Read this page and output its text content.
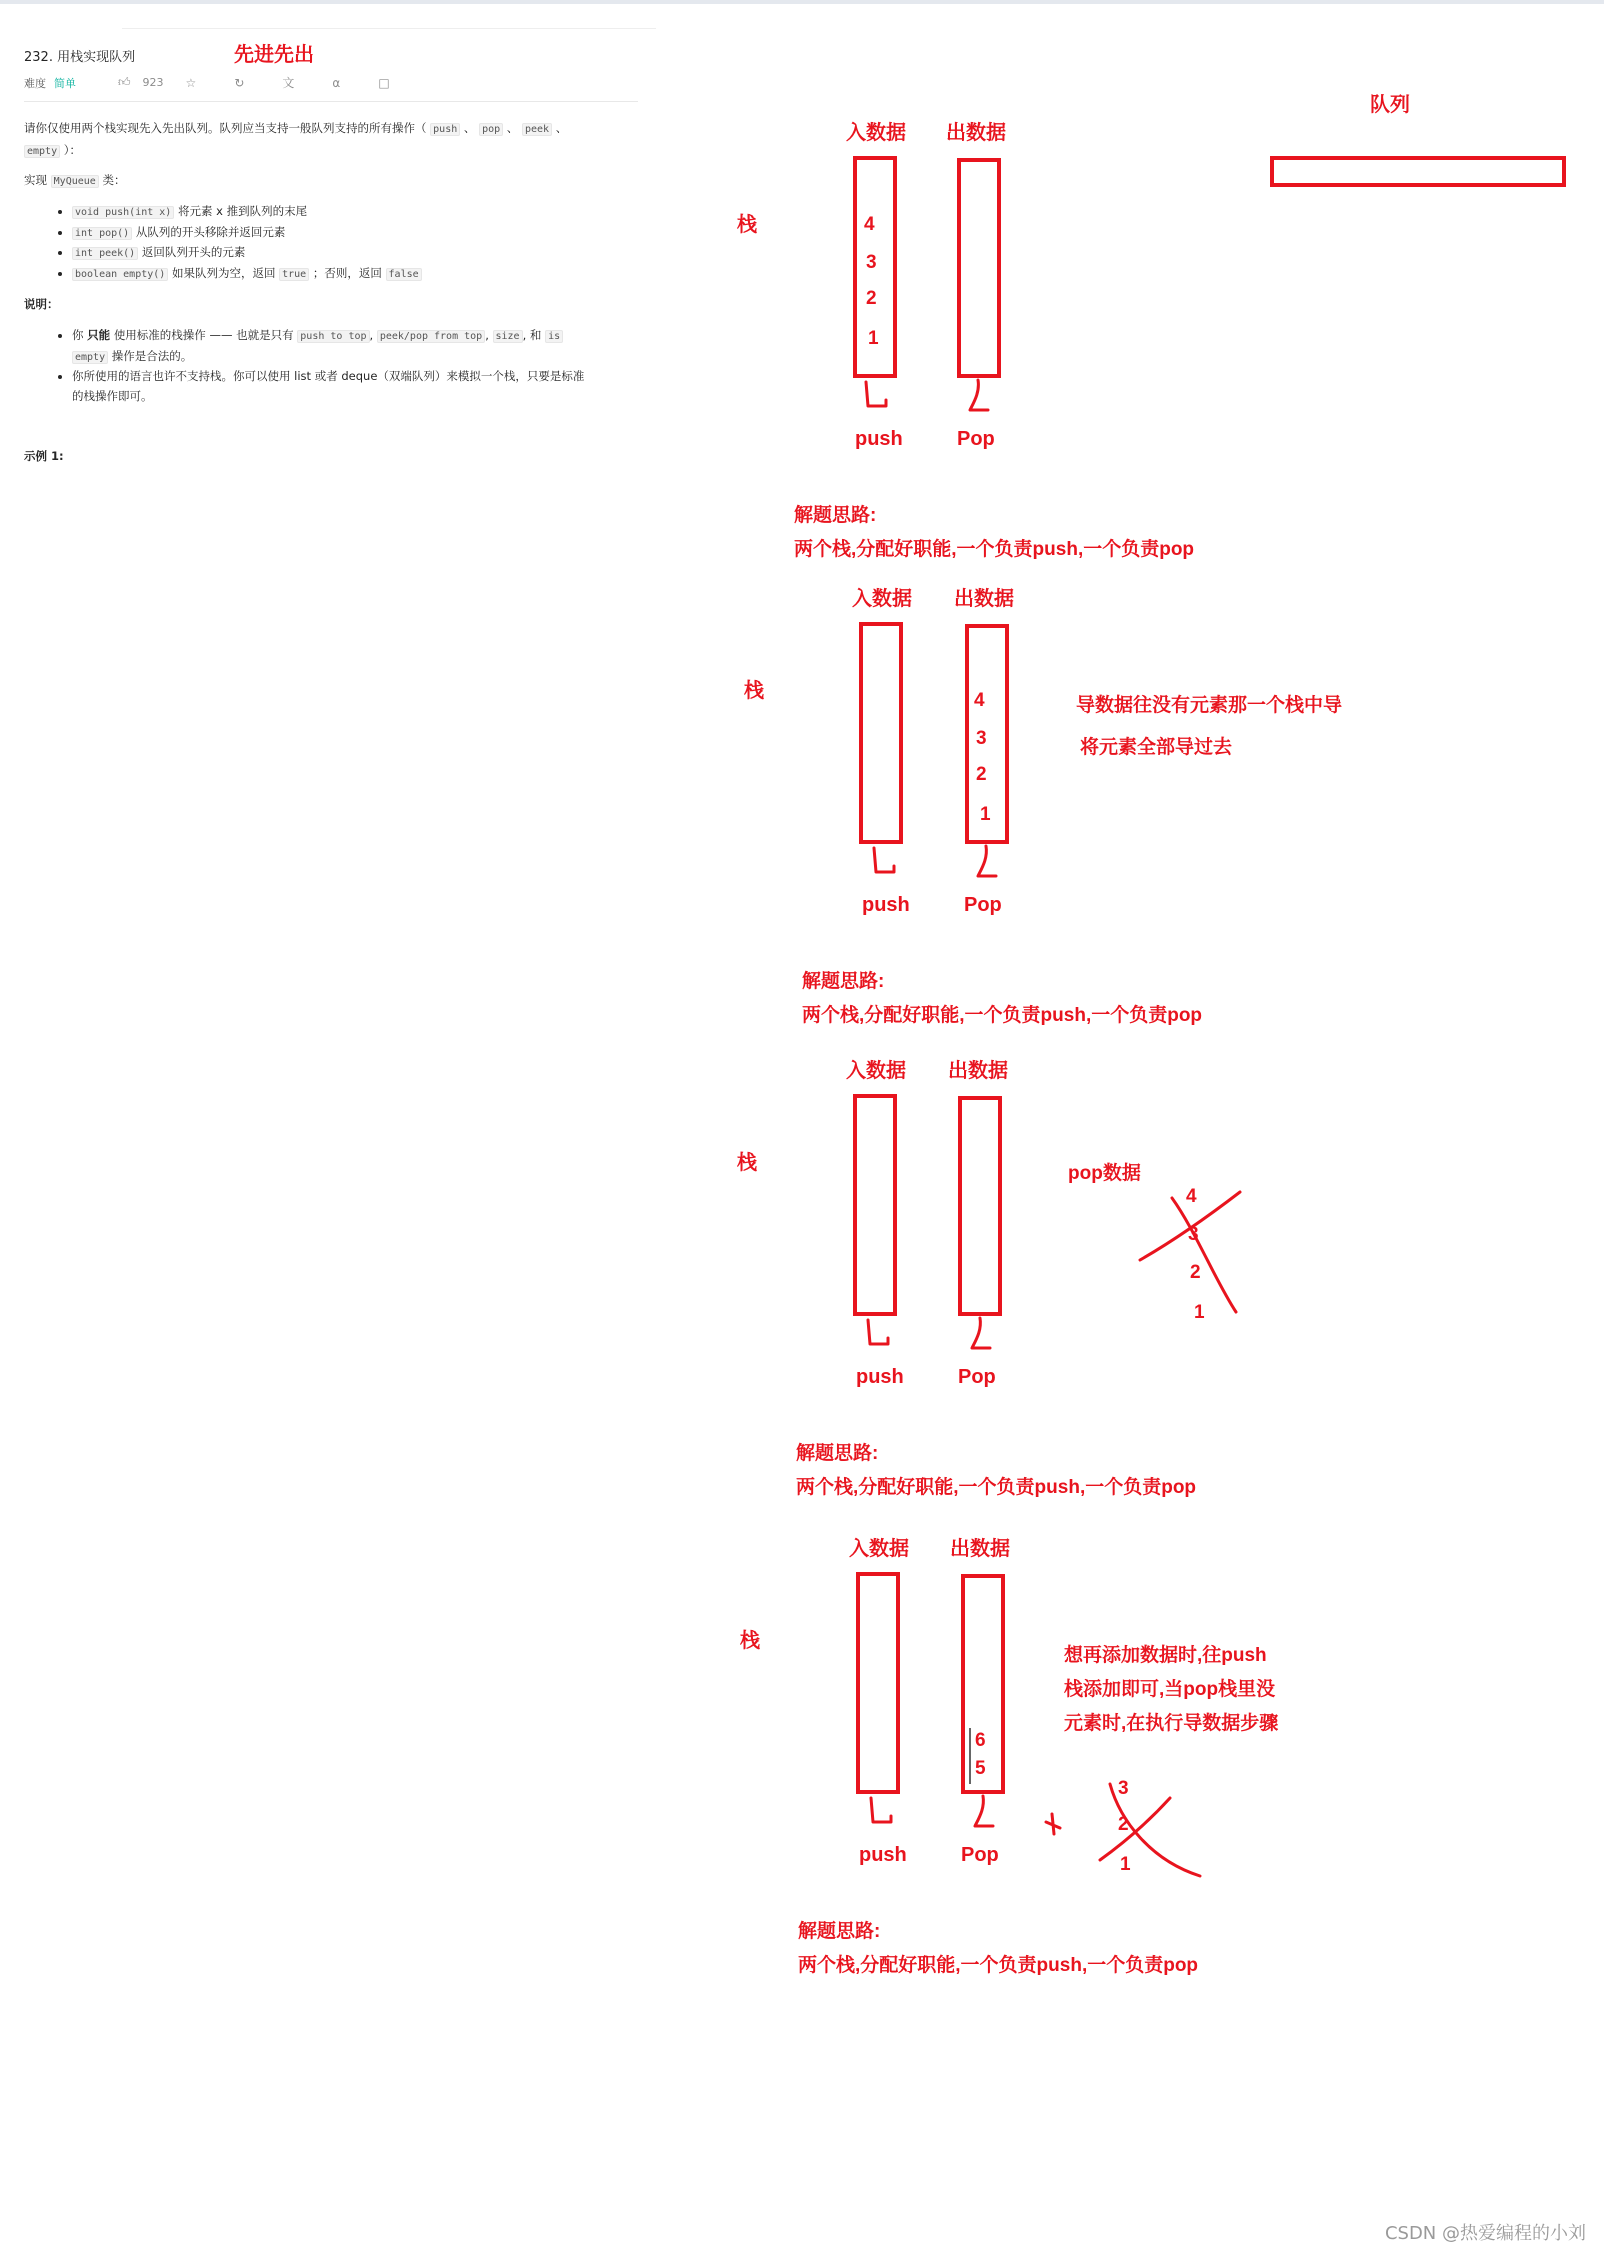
232. 用栈实现队列
难度 简单	👍︎ 923 ☆	↻	文	⍺	□
请你仅使用两个栈实现先入先出队列。队列应当支持一般队列支持的所有操作（ push 、 pop 、 peek 、
empty ）：
实现 MyQueue 类：
• void push(int x) 将元素 x 推到队列的末尾
• int pop() 从队列的开头移除并返回元素
• int peek() 返回队列开头的元素
• boolean empty() 如果队列为空，返回 true ；否则，返回 false
说明：
• 你 只能 使用标准的栈操作 —— 也就是只有 push to top , peek/pop from top , size , 和 is
empty 操作是合法的。
• 你所使用的语言也许不支持栈。你可以使用 list 或者 deque（双端队列）来模拟一个栈，只要是标准
的栈操作即可。
示例 1:
先进先出
队列
栈
入数据 出数据
4
3
2
1
push	Pop
解题思路:
两个栈,分配好职能,一个负责push,一个负责pop
栈
入数据 出数据
4
3
2
1
导数据往没有元素那一个栈中导
将元素全部导过去
push	Pop
解题思路:
两个栈,分配好职能,一个负责push,一个负责pop
栈
入数据 出数据
pop数据
4
3
2
1
push	Pop
解题思路:
两个栈,分配好职能,一个负责push,一个负责pop
栈
入数据 出数据
6
5
想再添加数据时,往push
栈添加即可,当pop栈里没
元素时,在执行导数据步骤
3
2
1
push	Pop
解题思路:
两个栈,分配好职能,一个负责push,一个负责pop
CSDN @热爱编程的小刘
